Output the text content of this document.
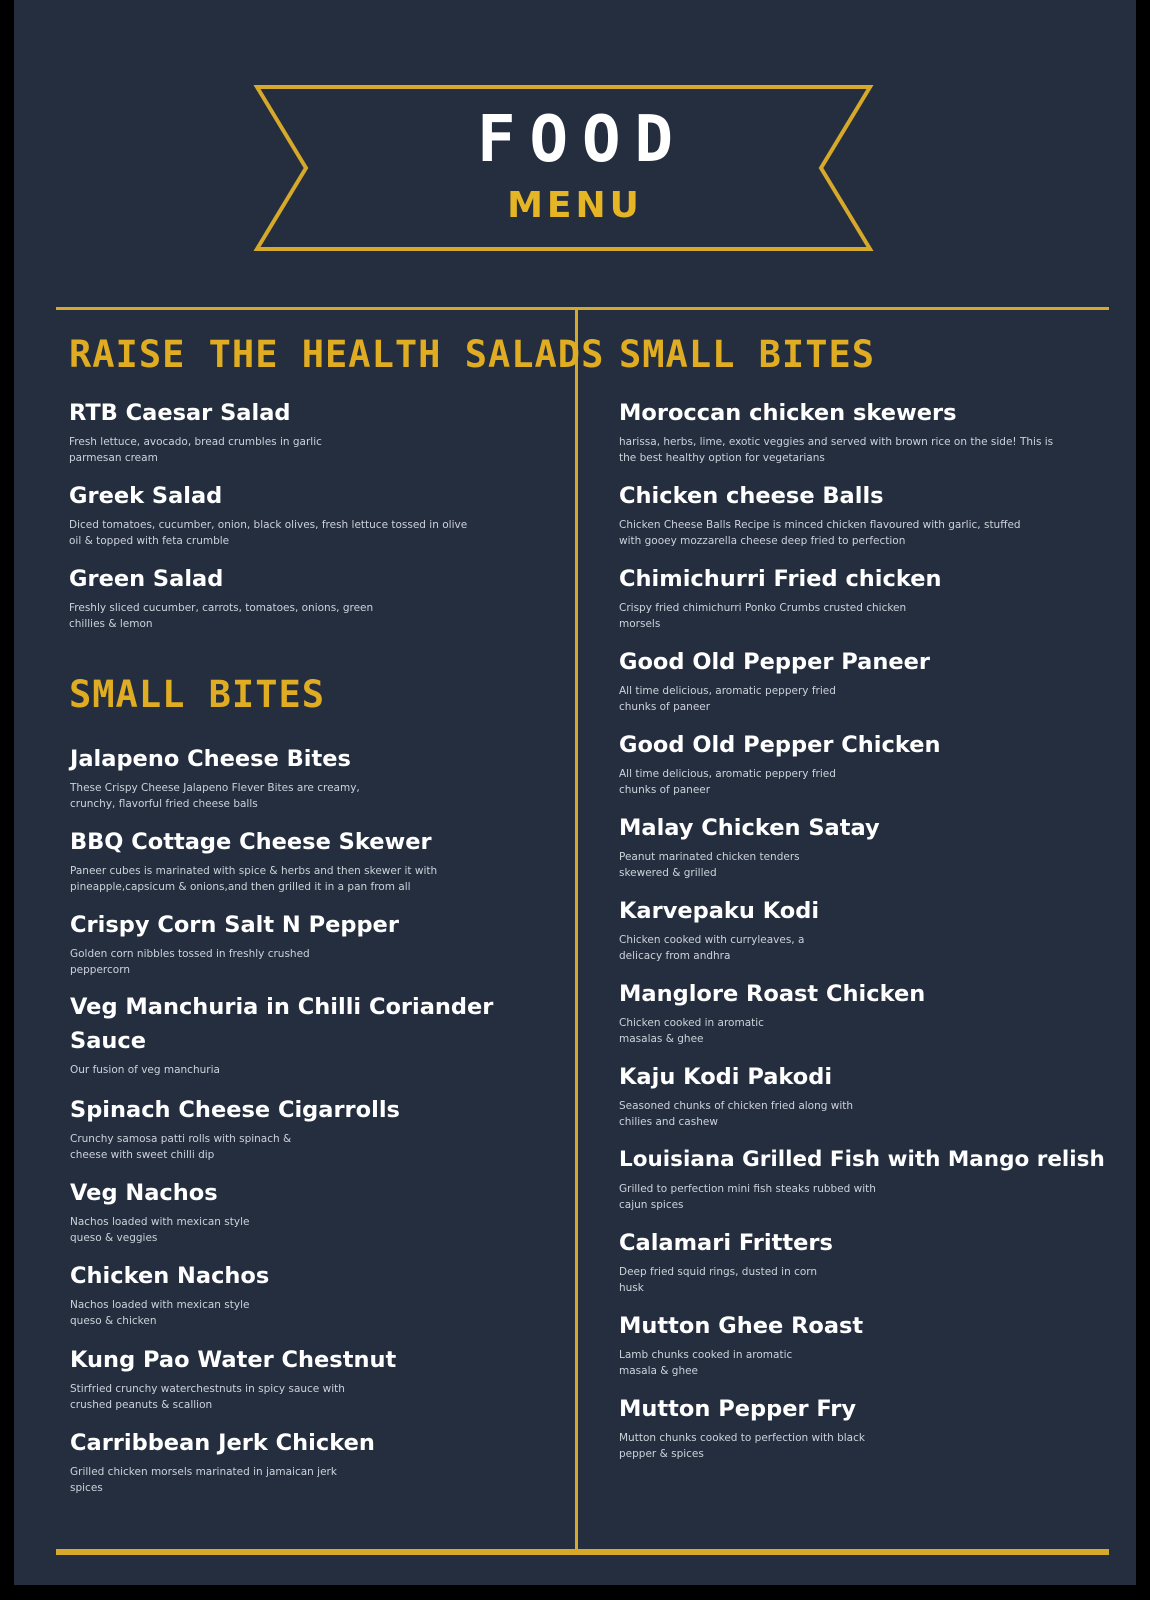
FOOD
MENU
RAISE THE HEALTH SALADS
RTB Caesar Salad
Fresh lettuce, avocado, bread crumbles in garlic parmesan cream
Greek Salad
Diced tomatoes, cucumber, onion, black olives, fresh lettuce tossed in olive oil & topped with feta crumble
Green Salad
Freshly sliced cucumber, carrots, tomatoes, onions, green chillies & lemon
SMALL BITES
Jalapeno Cheese Bites
These Crispy Cheese Jalapeno Flever Bites are creamy, crunchy, flavorful fried cheese balls
BBQ Cottage Cheese Skewer
Paneer cubes is marinated with spice & herbs and then skewer it with pineapple,capsicum & onions,and then grilled it in a pan from all
Crispy Corn Salt N Pepper
Golden corn nibbles tossed in freshly crushed peppercorn
Veg Manchuria in Chilli Coriander Sauce
Our fusion of veg manchuria
Spinach Cheese Cigarrolls
Crunchy samosa patti rolls with spinach & cheese with sweet chilli dip
Veg Nachos
Nachos loaded with mexican style queso & veggies
Chicken Nachos
Nachos loaded with mexican style queso & chicken
Kung Pao Water Chestnut
Stirfried crunchy waterchestnuts in spicy sauce with crushed peanuts & scallion
Carribbean Jerk Chicken
Grilled chicken morsels marinated in jamaican jerk spices
SMALL BITES
Moroccan chicken skewers
harissa, herbs, lime, exotic veggies and served with brown rice on the side! This is the best healthy option for vegetarians
Chicken cheese Balls
Chicken Cheese Balls Recipe is minced chicken flavoured with garlic, stuffed with gooey mozzarella cheese deep fried to perfection
Chimichurri Fried chicken
Crispy fried chimichurri Ponko Crumbs crusted chicken morsels
Good Old Pepper Paneer
All time delicious, aromatic peppery fried chunks of paneer
Good Old Pepper Chicken
All time delicious, aromatic peppery fried chunks of paneer
Malay Chicken Satay
Peanut marinated chicken tenders skewered & grilled
Karvepaku Kodi
Chicken cooked with curryleaves, a delicacy from andhra
Manglore Roast Chicken
Chicken cooked in aromatic masalas & ghee
Kaju Kodi Pakodi
Seasoned chunks of chicken fried along with chilies and cashew
Louisiana Grilled Fish with Mango relish
Grilled to perfection mini fish steaks rubbed with cajun spices
Calamari Fritters
Deep fried squid rings, dusted in corn husk
Mutton Ghee Roast
Lamb chunks cooked in aromatic masala & ghee
Mutton Pepper Fry
Mutton chunks cooked to perfection with black pepper & spices
